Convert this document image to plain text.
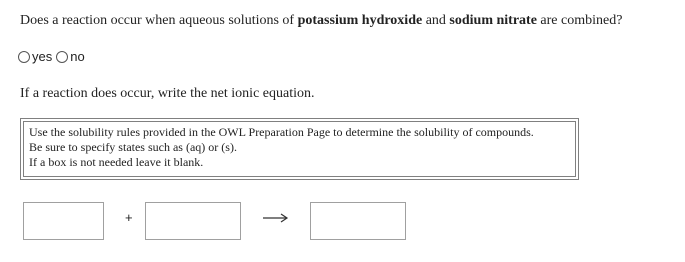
Does a reaction occur when aqueous solutions of potassium hydroxide and sodium nitrate are combined?
yes no
If a reaction does occur, write the net ionic equation.
Use the solubility rules provided in the OWL Preparation Page to determine the solubility of compounds.
Be sure to specify states such as (aq) or (s).
If a box is not needed leave it blank.
+
